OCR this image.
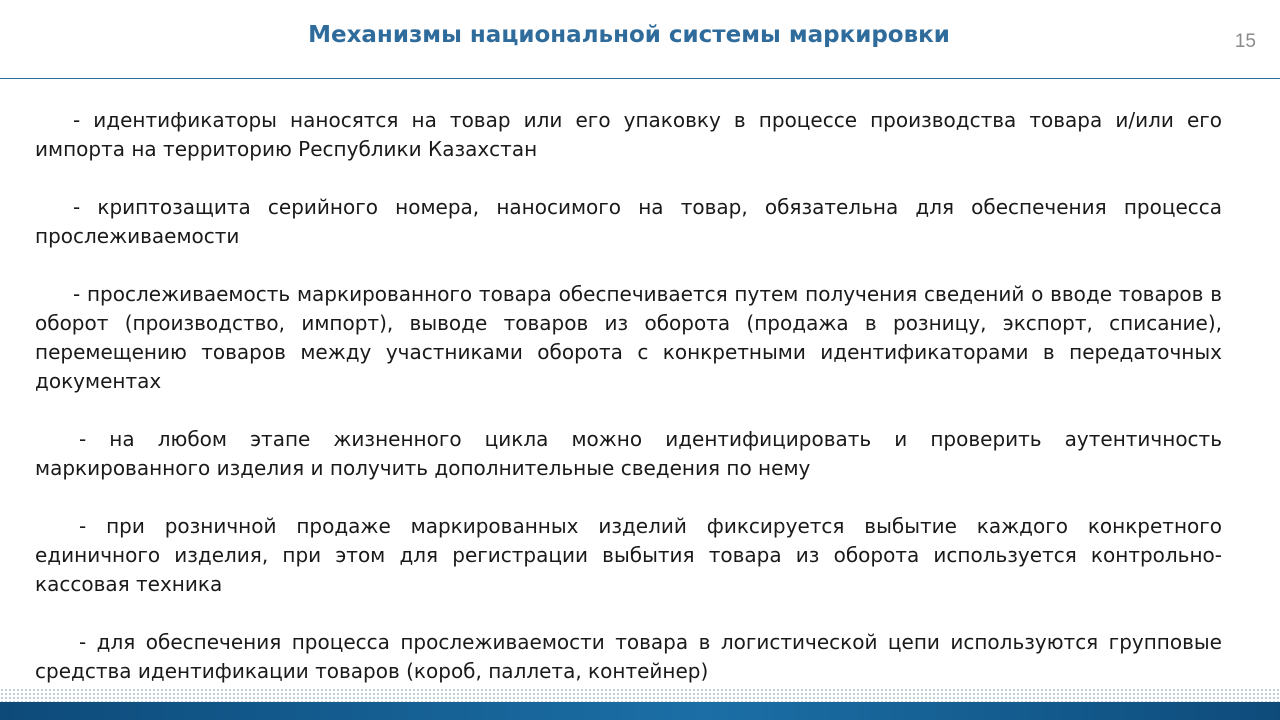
Механизмы национальной системы маркировки	15

- идентификаторы наносятся на товар или его упаковку в процессе производства товара и/или его импорта на территорию Республики Казахстан

- криптозащита серийного номера, наносимого на товар, обязательна для обеспечения процесса прослеживаемости

- прослеживаемость маркированного товара обеспечивается путем получения сведений о вводе товаров в оборот (производство, импорт), выводе товаров из оборота (продажа в розницу, экспорт, списание), перемещению товаров между участниками оборота с конкретными идентификаторами в передаточных документах

- на любом этапе жизненного цикла можно идентифицировать и проверить аутентичность маркированного изделия и получить дополнительные сведения по нему

- при розничной продаже маркированных изделий фиксируется выбытие каждого конкретного единичного изделия, при этом для регистрации выбытия товара из оборота используется контрольно-кассовая техника

- для обеспечения процесса прослеживаемости товара в логистической цепи используются групповые средства идентификации товаров (короб, паллета, контейнер)
